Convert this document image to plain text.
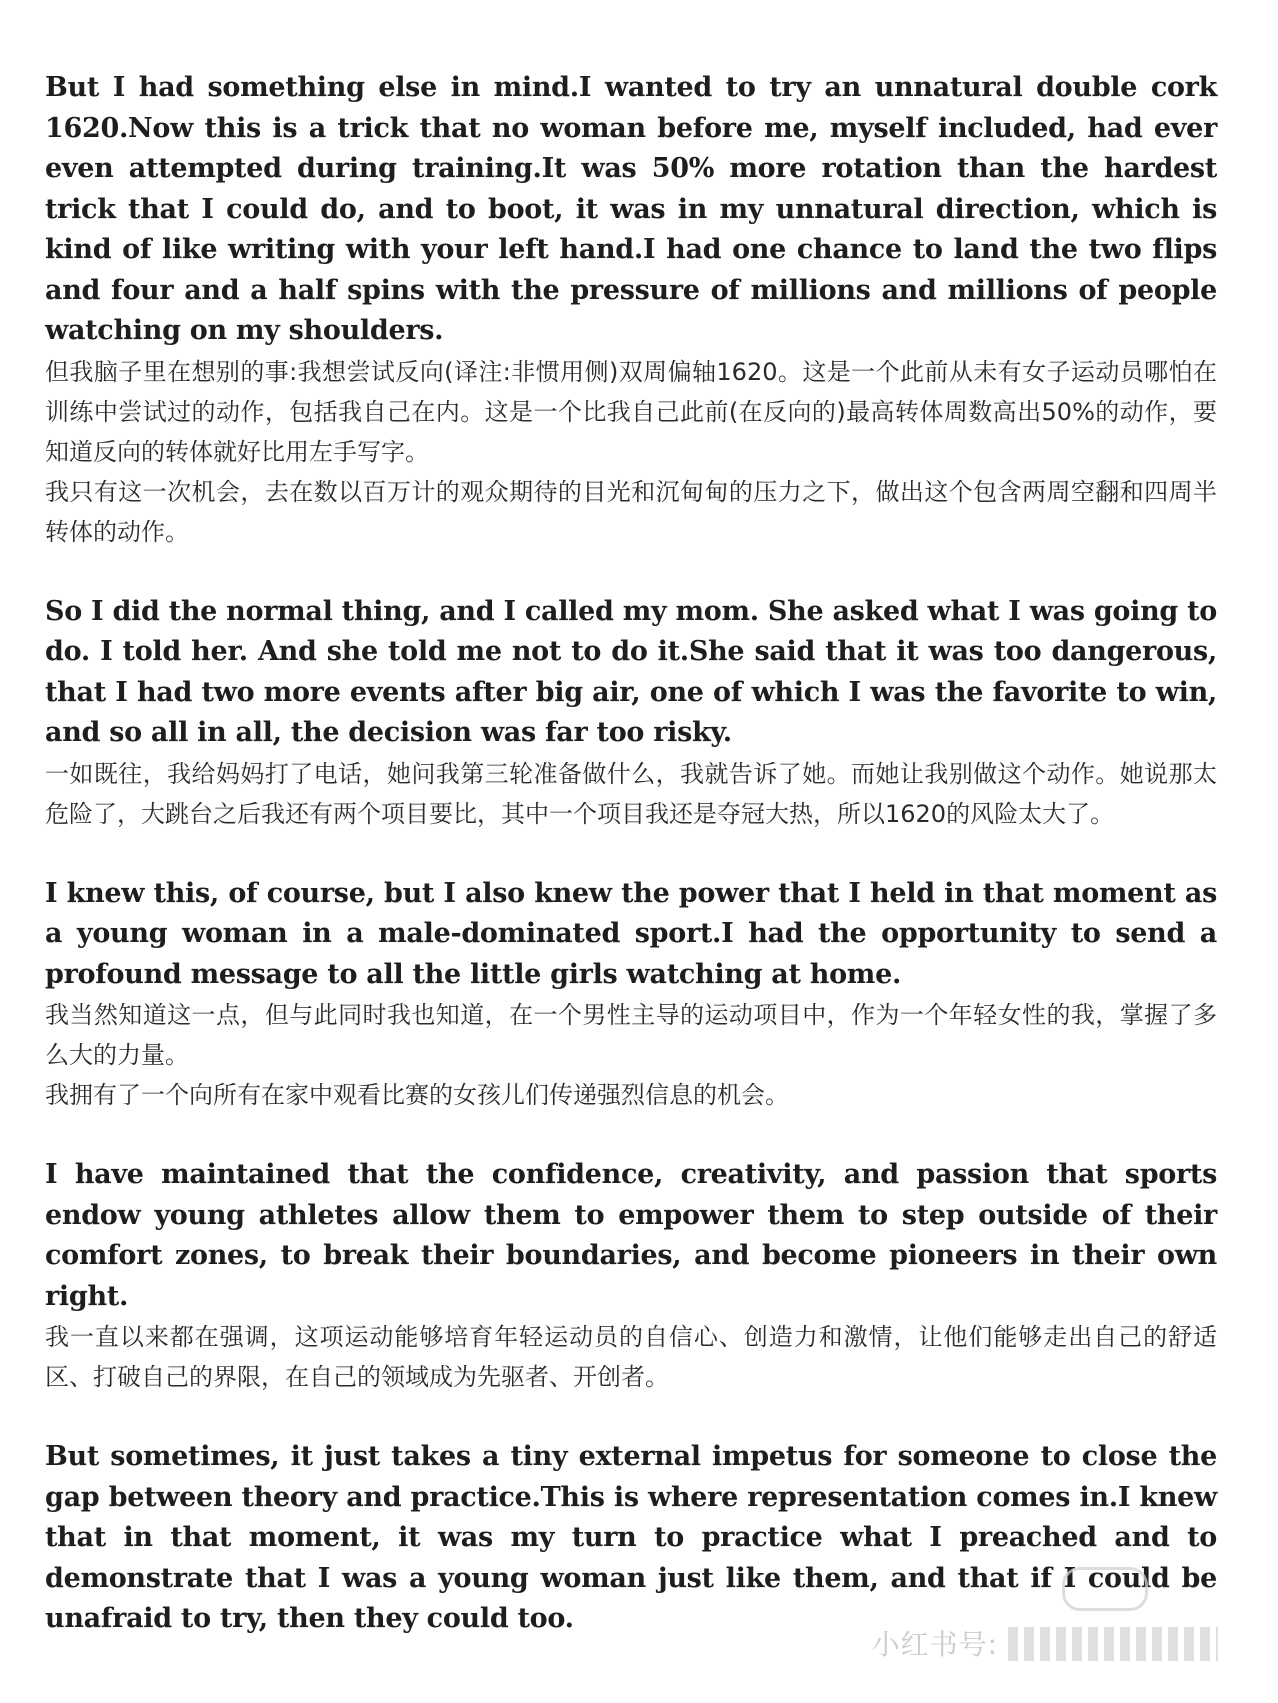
But I had something else in mind.I wanted to try an unnatural double cork 1620.Now this is a trick that no woman before me, myself included, had ever even attempted during training.It was 50% more rotation than the hardest trick that I could do, and to boot, it was in my unnatural direction, which is kind of like writing with your left hand.I had one chance to land the two flips and four and a half spins with the pressure of millions and millions of people watching on my shoulders.

但我脑子里在想别的事:我想尝试反向(译注:非惯用侧)双周偏轴1620。这是一个此前从未有女子运动员哪怕在训练中尝试过的动作，包括我自己在内。这是一个比我自己此前(在反向的)最高转体周数高出50%的动作，要知道反向的转体就好比用左手写字。

我只有这一次机会，去在数以百万计的观众期待的目光和沉甸甸的压力之下，做出这个包含两周空翻和四周半转体的动作。

So I did the normal thing, and I called my mom. She asked what I was going to do. I told her. And she told me not to do it.She said that it was too dangerous, that I had two more events after big air, one of which I was the favorite to win, and so all in all, the decision was far too risky.

一如既往，我给妈妈打了电话，她问我第三轮准备做什么，我就告诉了她。而她让我别做这个动作。她说那太危险了，大跳台之后我还有两个项目要比，其中一个项目我还是夺冠大热，所以1620的风险太大了。

I knew this, of course, but I also knew the power that I held in that moment as a young woman in a male-dominated sport.I had the opportunity to send a profound message to all the little girls watching at home.

我当然知道这一点，但与此同时我也知道，在一个男性主导的运动项目中，作为一个年轻女性的我，掌握了多么大的力量。

我拥有了一个向所有在家中观看比赛的女孩儿们传递强烈信息的机会。

I have maintained that the confidence, creativity, and passion that sports endow young athletes allow them to empower them to step outside of their comfort zones, to break their boundaries, and become pioneers in their own right.

我一直以来都在强调，这项运动能够培育年轻运动员的自信心、创造力和激情，让他们能够走出自己的舒适区、打破自己的界限，在自己的领域成为先驱者、开创者。

But sometimes, it just takes a tiny external impetus for someone to close the gap between theory and practice.This is where representation comes in.I knew that in that moment, it was my turn to practice what I preached and to demonstrate that I was a young woman just like them, and that if I could be unafraid to try, then they could too.

小红书号:
